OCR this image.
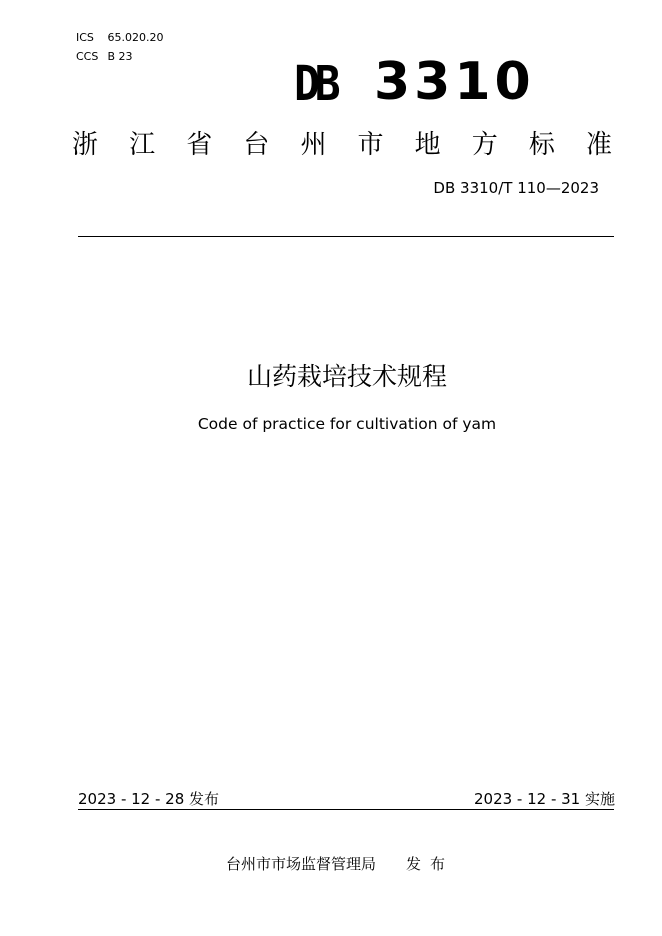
ICS 65.020.20
CCS B 23	DB 3310
浙 江 省 台 州 市 地 方 标 准
DB 3310/T 110—2023
山药栽培技术规程
Code of practice for cultivation of yam
2023 - 12 - 28 发布	2023 - 12 - 31 实施
台州市市场监督管理局 发布
